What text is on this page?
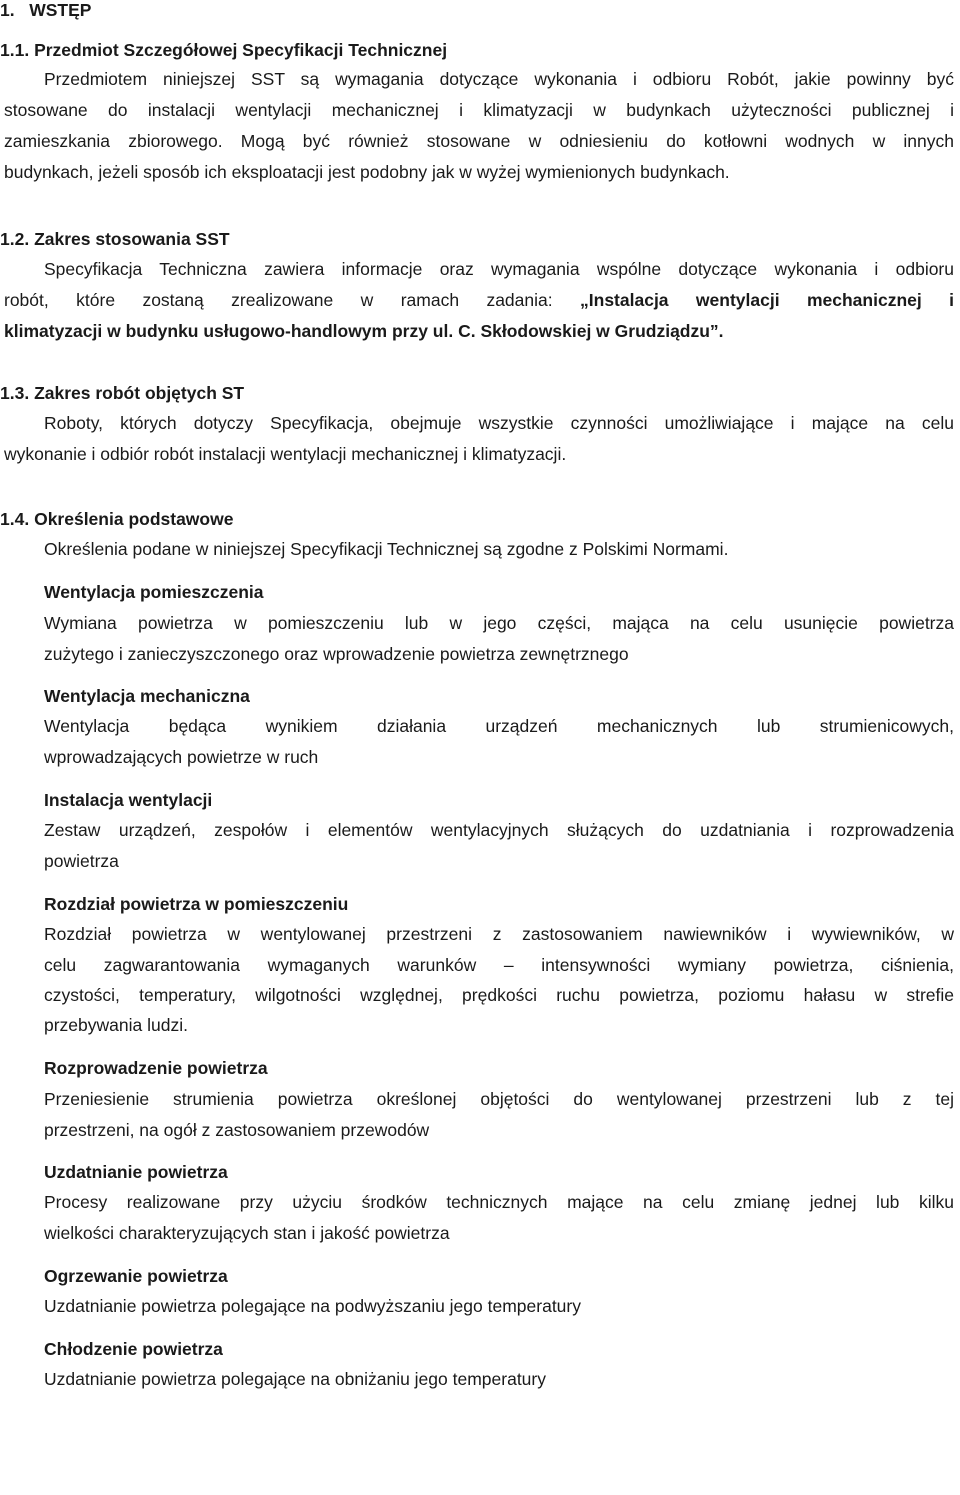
1. WSTĘP
1.1. Przedmiot Szczegółowej Specyfikacji Technicznej
Przedmiotem niniejszej SST są wymagania dotyczące wykonania i odbioru Robót, jakie powinny być
stosowane do instalacji wentylacji mechanicznej i klimatyzacji w budynkach użyteczności publicznej i
zamieszkania zbiorowego. Mogą być również stosowane w odniesieniu do kotłowni wodnych w innych
budynkach, jeżeli sposób ich eksploatacji jest podobny jak w wyżej wymienionych budynkach.
1.2. Zakres stosowania SST
Specyfikacja Techniczna zawiera informacje oraz wymagania wspólne dotyczące wykonania i odbioru
robót, które zostaną zrealizowane w ramach zadania: „Instalacja wentylacji mechanicznej i
klimatyzacji w budynku usługowo-handlowym przy ul. C. Skłodowskiej w Grudziądzu”.
1.3. Zakres robót objętych ST
Roboty, których dotyczy Specyfikacja, obejmuje wszystkie czynności umożliwiające i mające na celu
wykonanie i odbiór robót instalacji wentylacji mechanicznej i klimatyzacji.
1.4. Określenia podstawowe
Określenia podane w niniejszej Specyfikacji Technicznej są zgodne z Polskimi Normami.
Wentylacja pomieszczenia
Wymiana powietrza w pomieszczeniu lub w jego części, mająca na celu usunięcie powietrza
zużytego i zanieczyszczonego oraz wprowadzenie powietrza zewnętrznego
Wentylacja mechaniczna
Wentylacja będąca wynikiem działania urządzeń mechanicznych lub strumienicowych,
wprowadzających powietrze w ruch
Instalacja wentylacji
Zestaw urządzeń, zespołów i elementów wentylacyjnych służących do uzdatniania i rozprowadzenia
powietrza
Rozdział powietrza w pomieszczeniu
Rozdział powietrza w wentylowanej przestrzeni z zastosowaniem nawiewników i wywiewników, w
celu zagwarantowania wymaganych warunków – intensywności wymiany powietrza, ciśnienia,
czystości, temperatury, wilgotności względnej, prędkości ruchu powietrza, poziomu hałasu w strefie
przebywania ludzi.
Rozprowadzenie powietrza
Przeniesienie strumienia powietrza określonej objętości do wentylowanej przestrzeni lub z tej
przestrzeni, na ogół z zastosowaniem przewodów
Uzdatnianie powietrza
Procesy realizowane przy użyciu środków technicznych mające na celu zmianę jednej lub kilku
wielkości charakteryzujących stan i jakość powietrza
Ogrzewanie powietrza
Uzdatnianie powietrza polegające na podwyższaniu jego temperatury
Chłodzenie powietrza
Uzdatnianie powietrza polegające na obniżaniu jego temperatury
